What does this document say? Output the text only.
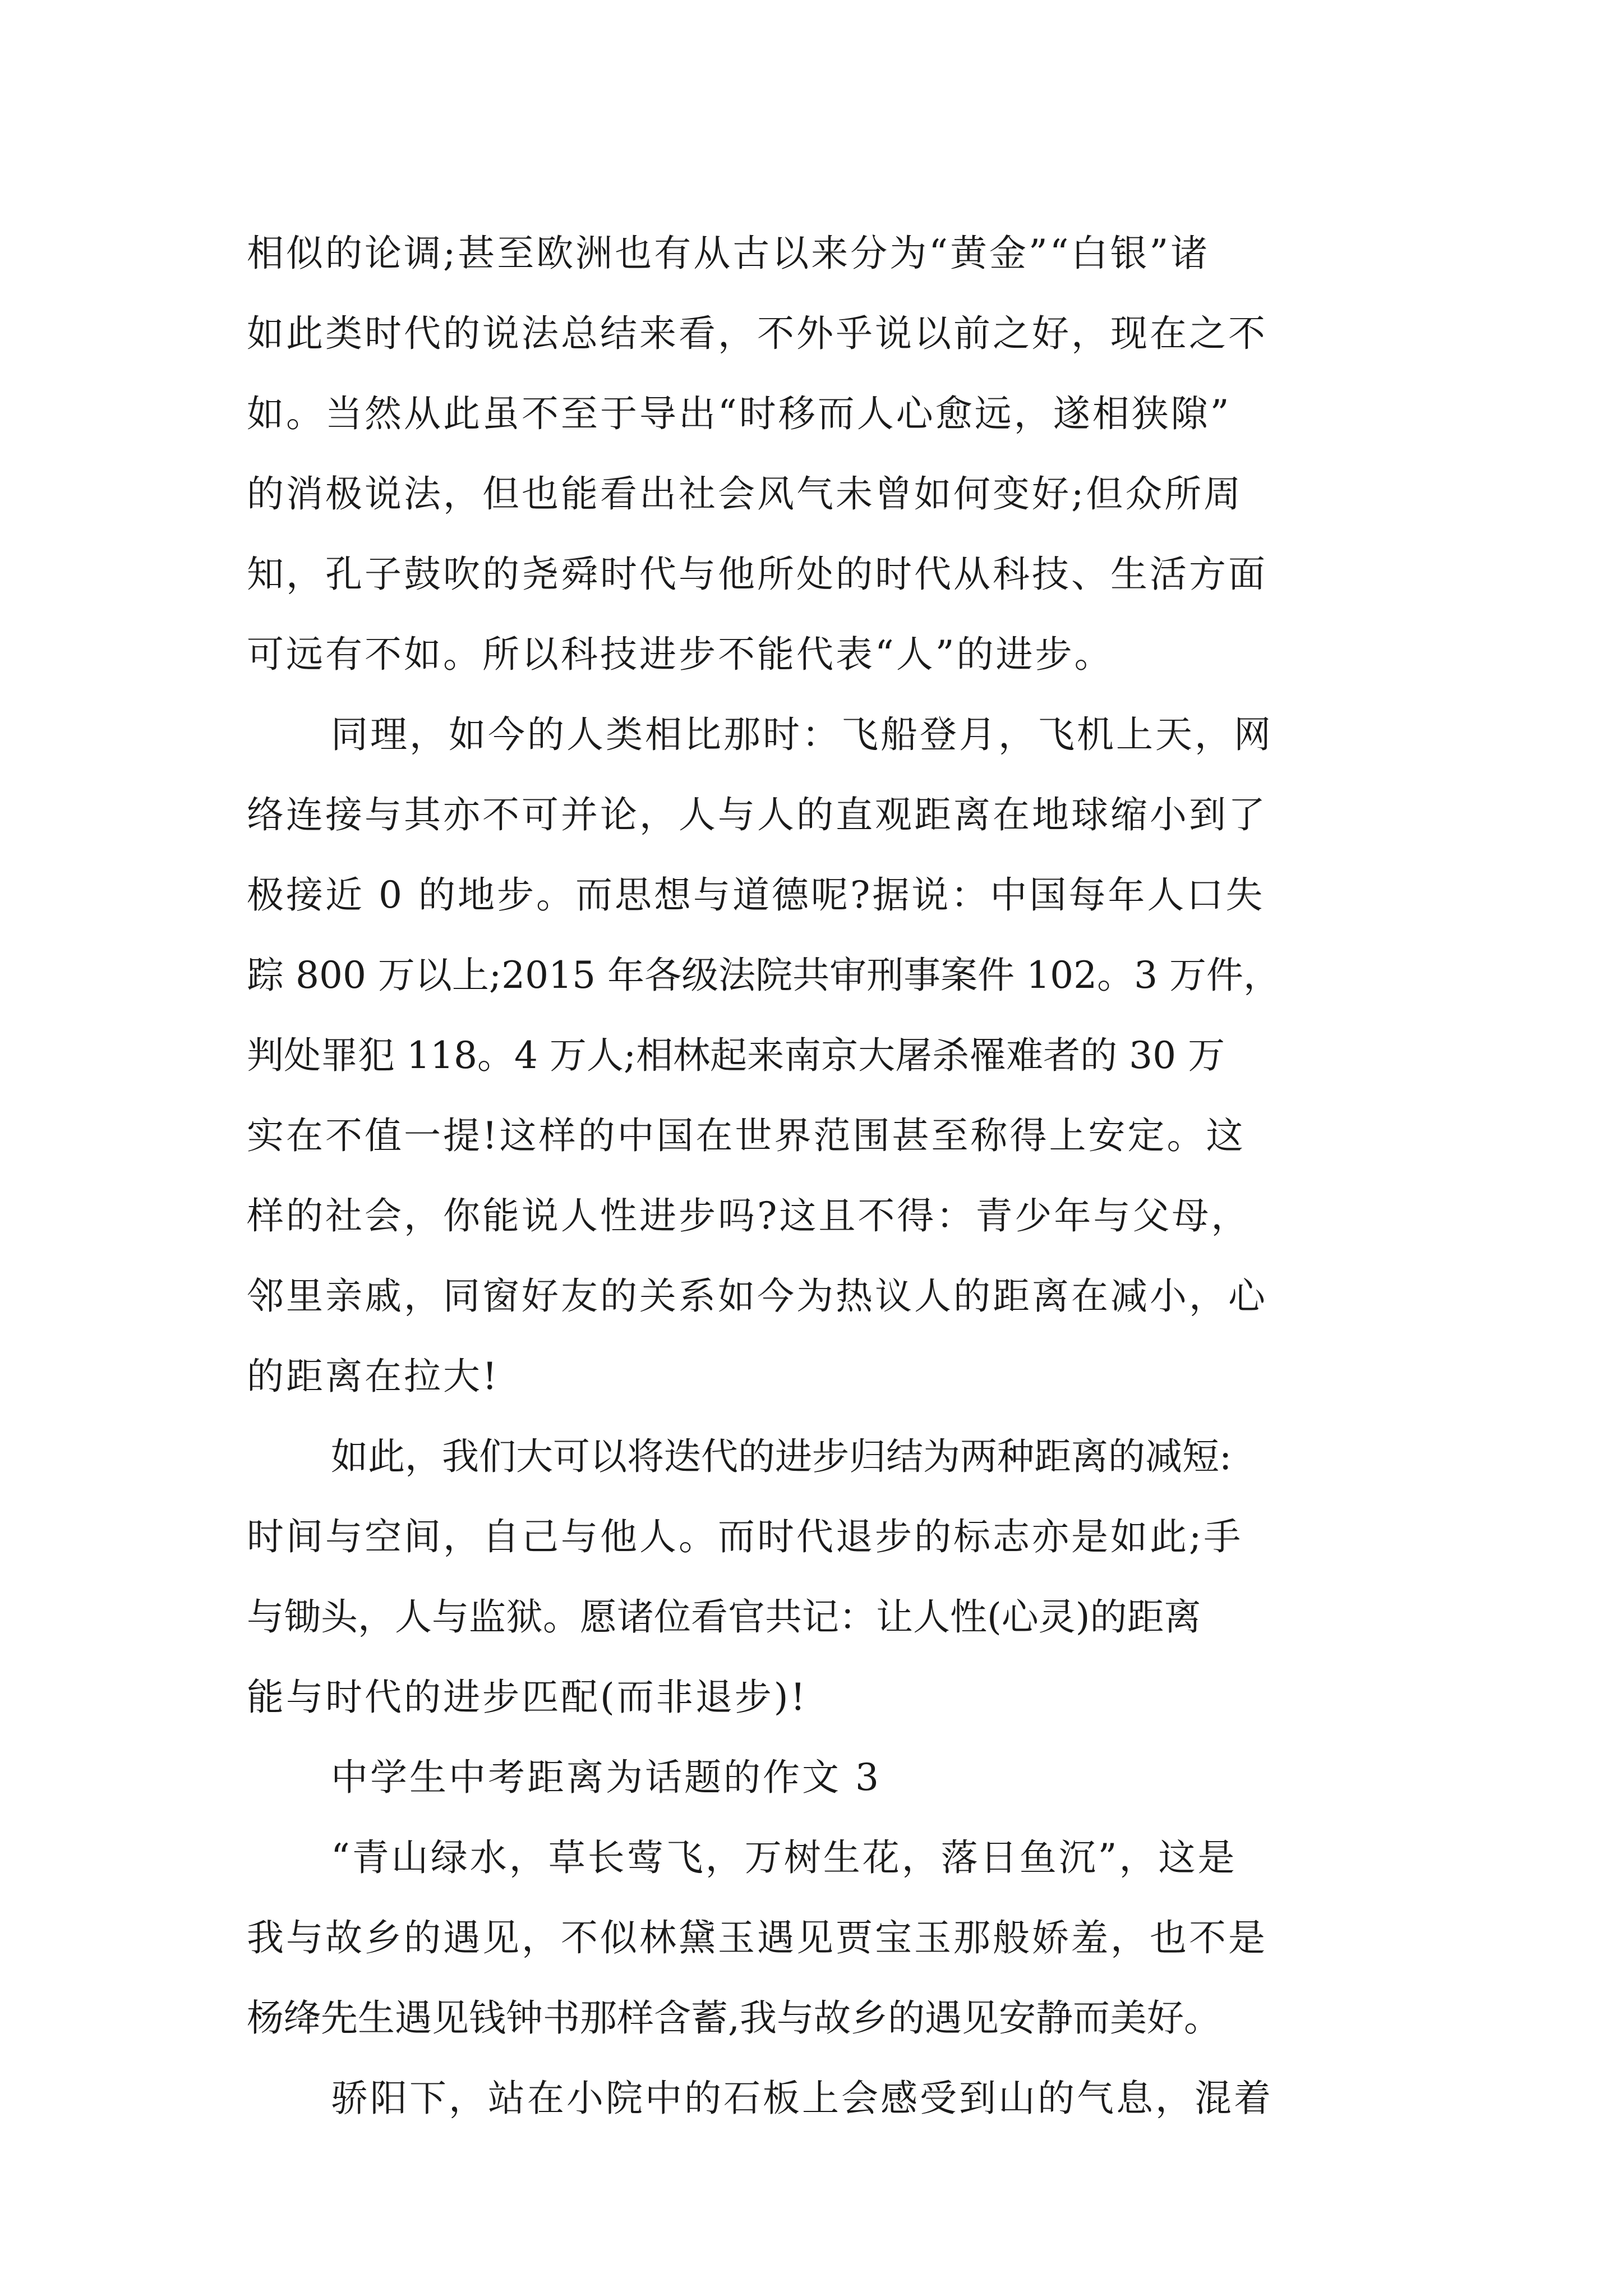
相似的论调;甚至欧洲也有从古以来分为“黄金”“白银”诸
如此类时代的说法总结来看，不外乎说以前之好，现在之不
如。当然从此虽不至于导出“时移而人心愈远，遂相狭隙”
的消极说法，但也能看出社会风气未曾如何变好;但众所周
知，孔子鼓吹的尧舜时代与他所处的时代从科技、生活方面
可远有不如。所以科技进步不能代表“人”的进步。
同理，如今的人类相比那时：飞船登月，飞机上天，网
络连接与其亦不可并论，人与人的直观距离在地球缩小到了
极接近 0 的地步。而思想与道德呢?据说：中国每年人口失
踪 800 万以上;2015 年各级法院共审刑事案件 102。3 万件，
判处罪犯 118。4 万人;相林起来南京大屠杀罹难者的 30 万
实在不值一提!这样的中国在世界范围甚至称得上安定。这
样的社会，你能说人性进步吗?这且不得：青少年与父母，
邻里亲戚，同窗好友的关系如今为热议人的距离在减小，心
的距离在拉大!
如此，我们大可以将迭代的进步归结为两种距离的减短:
时间与空间，自己与他人。而时代退步的标志亦是如此;手
与锄头，人与监狱。愿诸位看官共记：让人性(心灵)的距离
能与时代的进步匹配(而非退步)!
中学生中考距离为话题的作文 3
“青山绿水，草长莺飞，万树生花，落日鱼沉”，这是
我与故乡的遇见，不似林黛玉遇见贾宝玉那般娇羞，也不是
杨绛先生遇见钱钟书那样含蓄,我与故乡的遇见安静而美好。
骄阳下，站在小院中的石板上会感受到山的气息，混着
